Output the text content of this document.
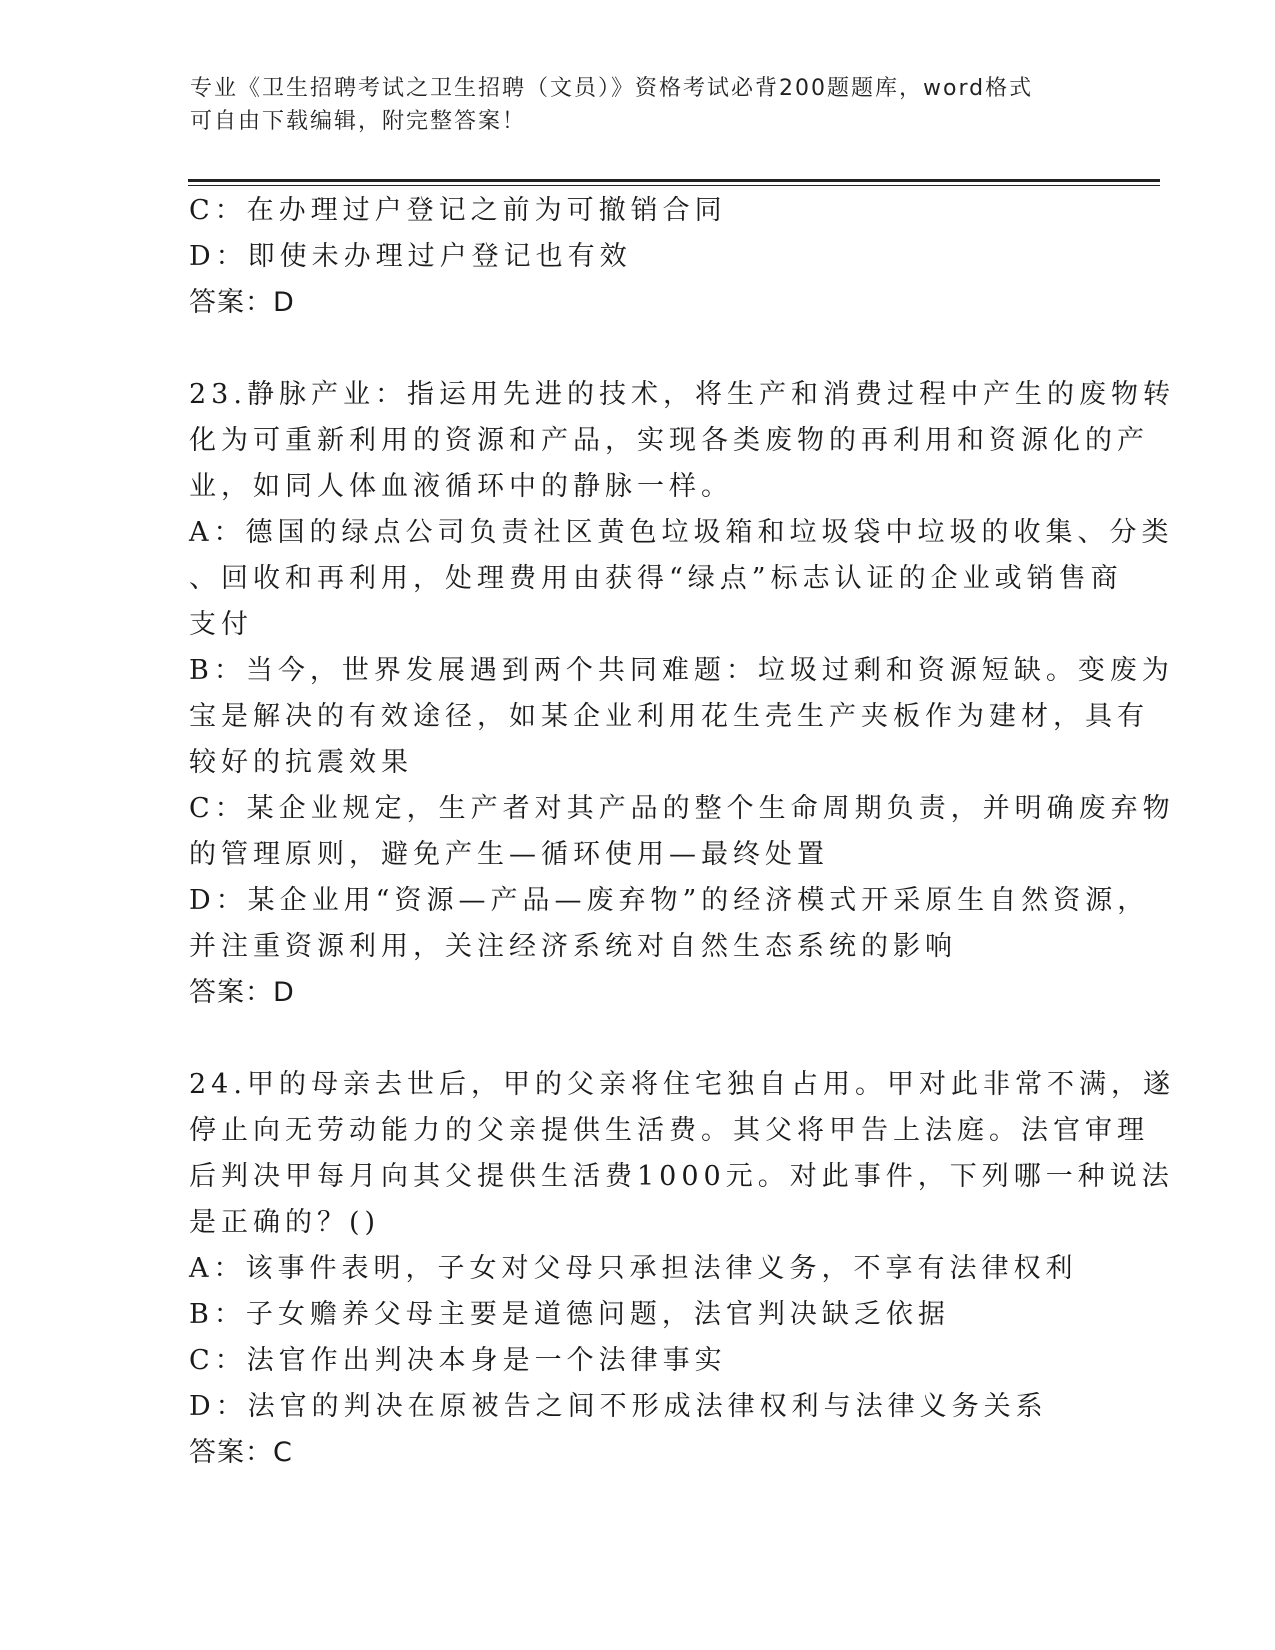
专业《卫生招聘考试之卫生招聘（文员）》资格考试必背200题题库，word格式
可自由下载编辑，附完整答案！

C：在办理过户登记之前为可撤销合同

D：即使未办理过户登记也有效

答案：D

23.静脉产业：指运用先进的技术，将生产和消费过程中产生的废物转

化为可重新利用的资源和产品，实现各类废物的再利用和资源化的产

业，如同人体血液循环中的静脉一样。

A：德国的绿点公司负责社区黄色垃圾箱和垃圾袋中垃圾的收集、分类

、回收和再利用，处理费用由获得“绿点”标志认证的企业或销售商

支付

B：当今，世界发展遇到两个共同难题：垃圾过剩和资源短缺。变废为

宝是解决的有效途径，如某企业利用花生壳生产夹板作为建材，具有

较好的抗震效果

C：某企业规定，生产者对其产品的整个生命周期负责，并明确废弃物

的管理原则，避免产生—循环使用—最终处置

D：某企业用“资源—产品—废弃物”的经济模式开采原生自然资源，

并注重资源利用，关注经济系统对自然生态系统的影响

答案：D

24.甲的母亲去世后，甲的父亲将住宅独自占用。甲对此非常不满，遂

停止向无劳动能力的父亲提供生活费。其父将甲告上法庭。法官审理

后判决甲每月向其父提供生活费1000元。对此事件，下列哪一种说法

是正确的？()

A：该事件表明，子女对父母只承担法律义务，不享有法律权利

B：子女赡养父母主要是道德问题，法官判决缺乏依据

C：法官作出判决本身是一个法律事实

D：法官的判决在原被告之间不形成法律权利与法律义务关系

答案：C
